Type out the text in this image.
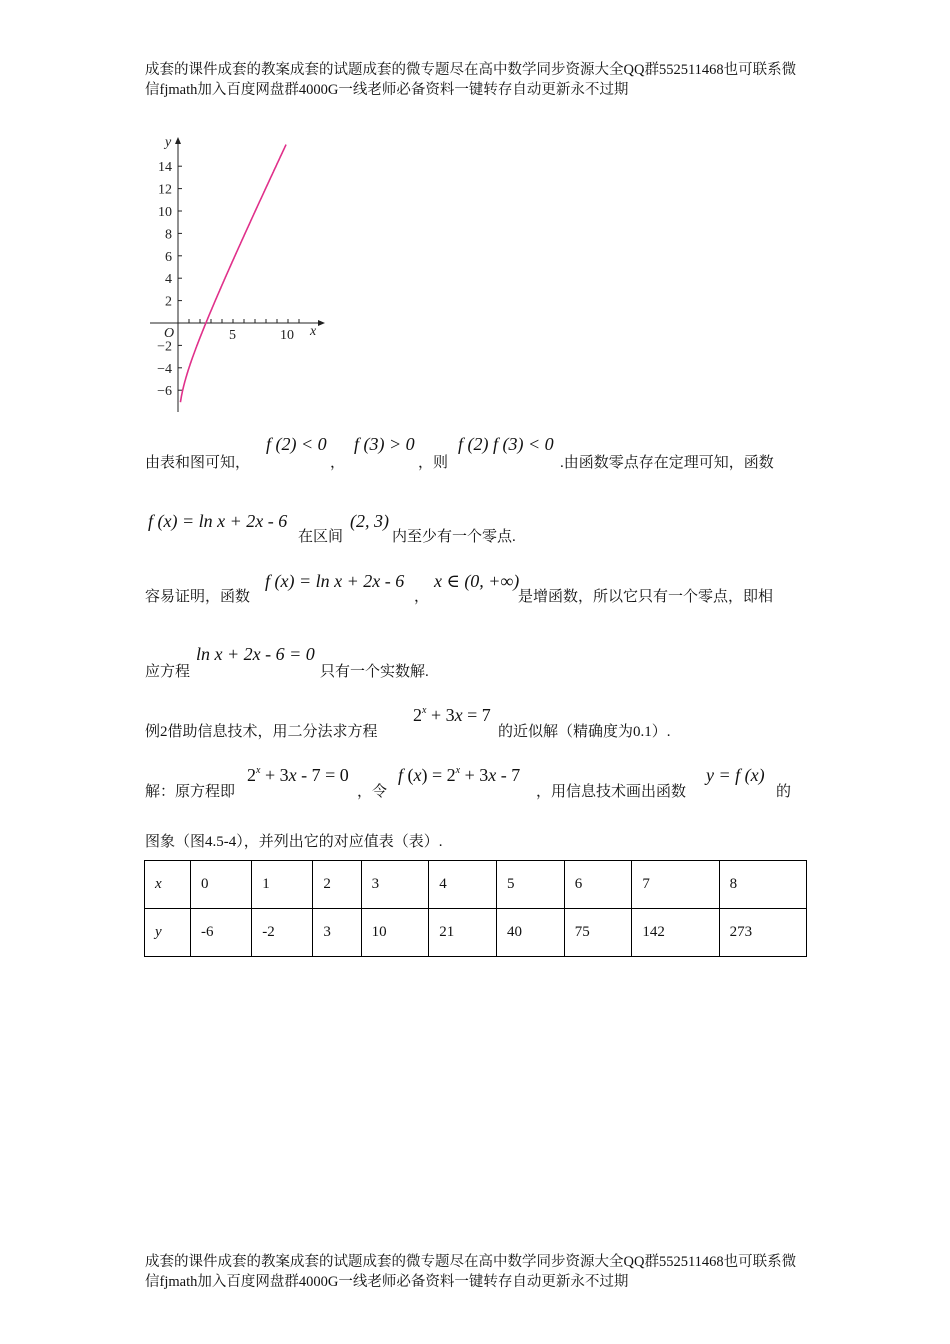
成套的课件成套的教案成套的试题成套的微专题尽在高中数学同步资源大全QQ群552511468也可联系微
信fjmath加入百度网盘群4000G一线老师必备资料一键转存自动更新永不过期
5	10
14
12
10
8
6
4
2
−2
−4
−6
O	x
y
由表和图可知，
f (2) < 0
，
f (3) > 0
，则
f (2) f (3) < 0
.由函数零点存在定理可知，函数
f (x) = ln x + 2x - 6
在区间
(2, 3)
内至少有一个零点.
容易证明，函数
f (x) = ln x + 2x - 6
，
x ∈ (0, +∞)
是增函数，所以它只有一个零点，即相
应方程
ln x + 2x - 6 = 0
只有一个实数解.
例2借助信息技术，用二分法求方程
$2^x + 3x = 7$
的近似解（精确度为0.1）.
解：原方程即
$2^x + 3x - 7 = 0$
，令
f $(x) = 2^x + 3x - 7$
，用信息技术画出函数
y = f (x)
的
图象（图4.5-4），并列出它的对应值表（表）.
x	0	1	2	3	4	5	6	7	8
y	-6	-2	3	10	21	40	75	142	273
成套的课件成套的教案成套的试题成套的微专题尽在高中数学同步资源大全QQ群552511468也可联系微
信fjmath加入百度网盘群4000G一线老师必备资料一键转存自动更新永不过期
